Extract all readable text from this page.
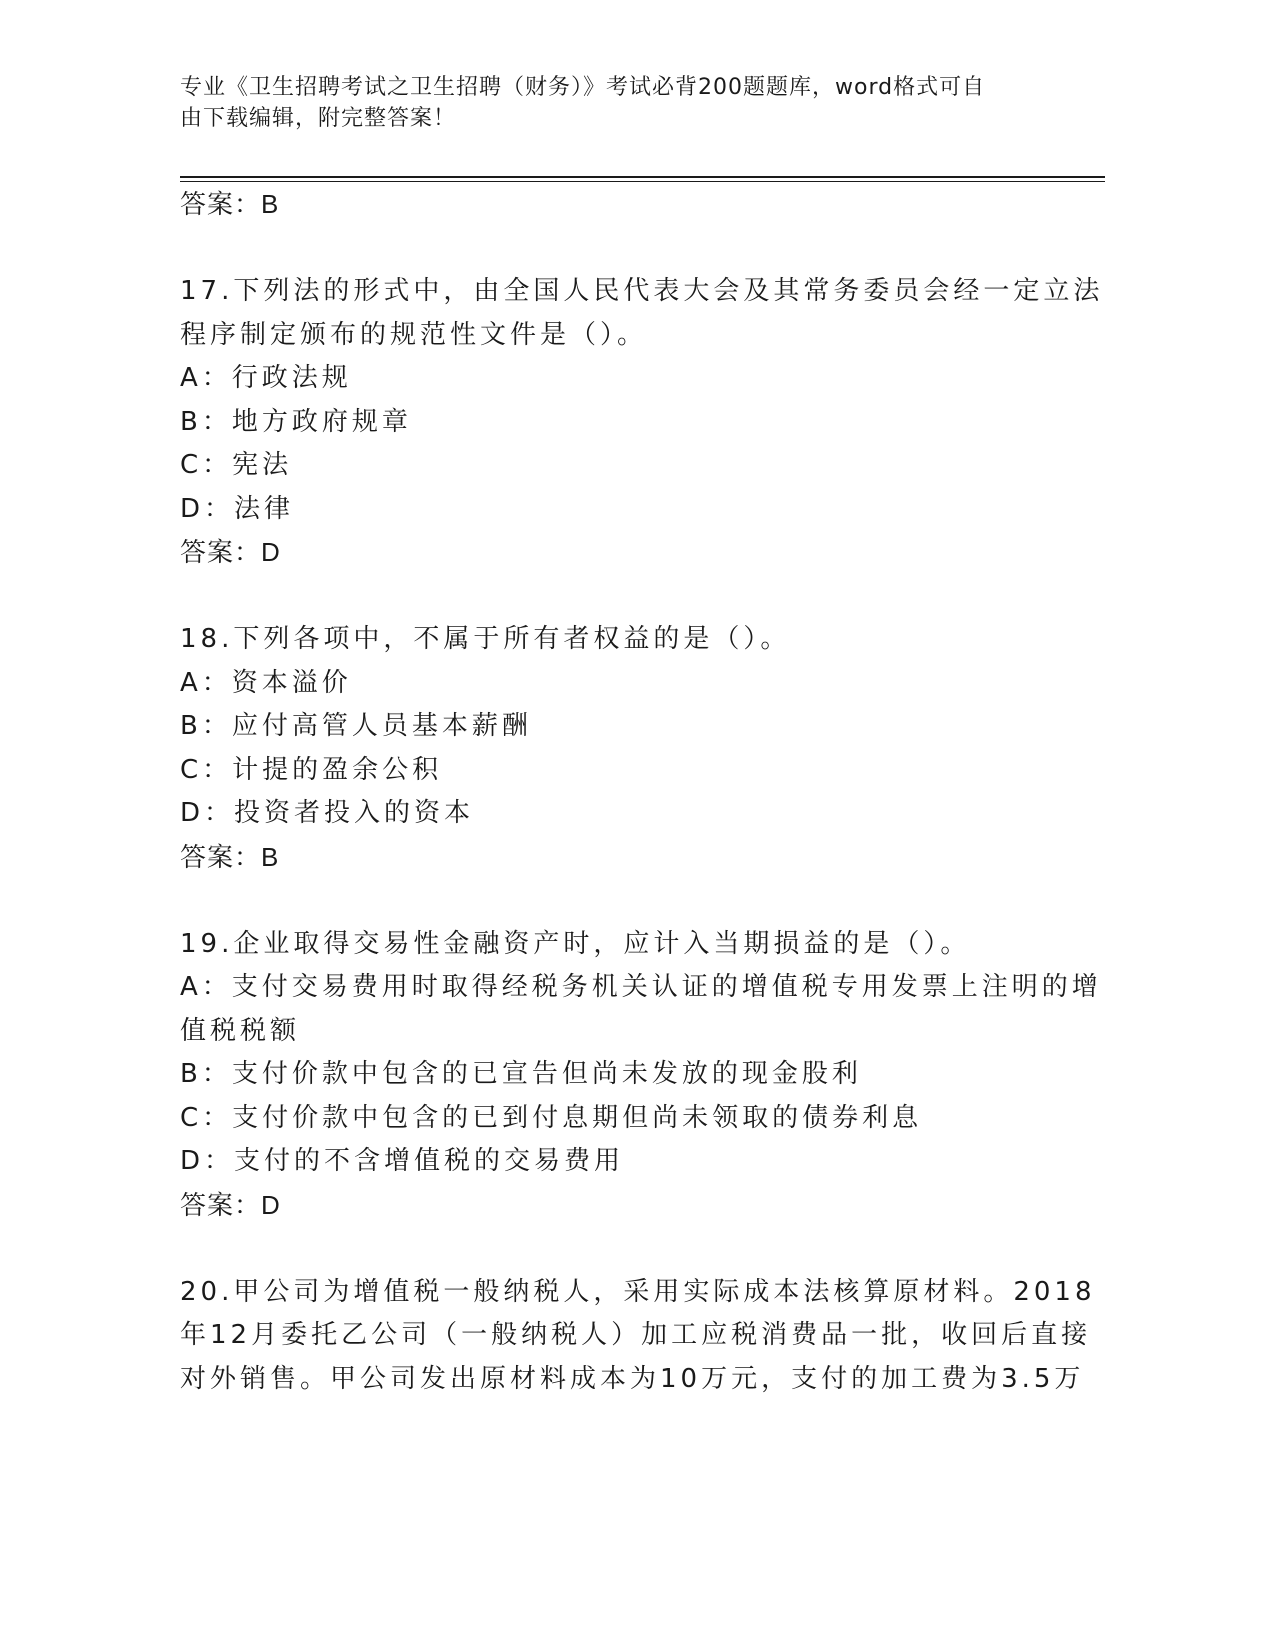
专业《卫生招聘考试之卫生招聘（财务）》考试必背200题题库，word格式可自
由下载编辑，附完整答案！
答案：B
17.下列法的形式中，由全国人民代表大会及其常务委员会经一定立法
程序制定颁布的规范性文件是（）。
A：行政法规
B：地方政府规章
C：宪法
D：法律
答案：D
18.下列各项中，不属于所有者权益的是（）。
A：资本溢价
B：应付高管人员基本薪酬
C：计提的盈余公积
D：投资者投入的资本
答案：B
19.企业取得交易性金融资产时，应计入当期损益的是（）。
A：支付交易费用时取得经税务机关认证的增值税专用发票上注明的增
值税税额
B：支付价款中包含的已宣告但尚未发放的现金股利
C：支付价款中包含的已到付息期但尚未领取的债券利息
D：支付的不含增值税的交易费用
答案：D
20.甲公司为增值税一般纳税人，采用实际成本法核算原材料。2018
年12月委托乙公司（一般纳税人）加工应税消费品一批，收回后直接
对外销售。甲公司发出原材料成本为10万元，支付的加工费为3.5万
